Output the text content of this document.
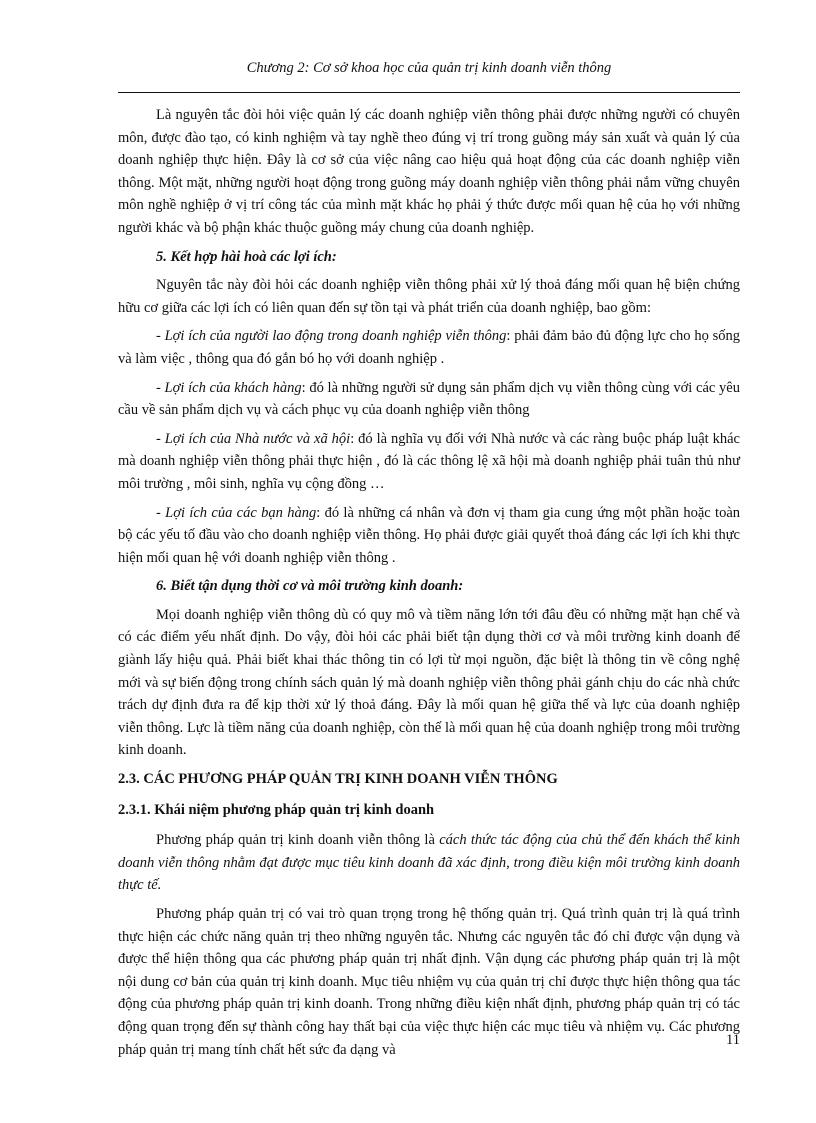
Chương 2: Cơ sở khoa học của quản trị kinh doanh viễn thông

Là nguyên tắc đòi hỏi việc quản lý các doanh nghiệp viễn thông phải được những người có chuyên môn, được đào tạo, có kinh nghiệm và tay nghề theo đúng vị trí trong guồng máy sản xuất và quản lý của doanh nghiệp thực hiện. Đây là cơ sở của việc nâng cao hiệu quả hoạt động của các doanh nghiệp viễn thông. Một mặt, những người hoạt động trong guồng máy doanh nghiệp viễn thông phải nắm vững chuyên môn nghề nghiệp ở vị trí công tác của mình mặt khác họ phải ý thức được mối quan hệ của họ với những người khác và bộ phận khác thuộc guồng máy chung của doanh nghiệp.

5. Kết hợp hài hoà các lợi ích:

Nguyên tắc này đòi hỏi các doanh nghiệp viễn thông phải xử lý thoả đáng mối quan hệ biện chứng hữu cơ giữa các lợi ích có liên quan đến sự tồn tại và phát triển của doanh nghiệp, bao gồm:

- Lợi ích của người lao động trong doanh nghiệp viễn thông: phải đảm bảo đủ động lực cho họ sống và làm việc , thông qua đó gắn bó họ với doanh nghiệp .

- Lợi ích của khách hàng: đó là những người sử dụng sản phẩm dịch vụ viễn thông cùng với các yêu cầu về sản phẩm dịch vụ và cách phục vụ của doanh nghiệp viễn thông

- Lợi ích của Nhà nước và xã hội: đó là nghĩa vụ đối với Nhà nước và các ràng buộc pháp luật khác mà doanh nghiệp viễn thông phải thực hiện , đó là các thông lệ xã hội mà doanh nghiệp phải tuân thủ như môi trường , môi sinh, nghĩa vụ cộng đồng …

- Lợi ích của các bạn hàng: đó là những cá nhân và đơn vị tham gia cung ứng một phần hoặc toàn bộ các yếu tố đầu vào cho doanh nghiệp viễn thông. Họ phải được giải quyết thoả đáng các lợi ích khi thực hiện mối quan hệ với doanh nghiệp viễn thông .

6. Biết tận dụng thời cơ và môi trường kinh doanh:

Mọi doanh nghiệp viễn thông dù có quy mô và tiềm năng lớn tới đâu đều có những mặt hạn chế và có các điểm yếu nhất định. Do vậy, đòi hỏi các phải biết tận dụng thời cơ và môi trường kinh doanh để giành lấy hiệu quả. Phải biết khai thác thông tin có lợi từ mọi nguồn, đặc biệt là thông tin về công nghệ mới và sự biến động trong chính sách quản lý mà doanh nghiệp viễn thông phải gánh chịu do các nhà chức trách dự định đưa ra để kịp thời xử lý thoả đáng. Đây là mối quan hệ giữa thế và lực của doanh nghiệp viễn thông. Lực là tiềm năng của doanh nghiệp, còn thế là mối quan hệ của doanh nghiệp trong môi trường kinh doanh.

2.3. CÁC PHƯƠNG PHÁP QUẢN TRỊ KINH DOANH VIỄN THÔNG
2.3.1. Khái niệm phương pháp quản trị kinh doanh

Phương pháp quản trị kinh doanh viễn thông là cách thức tác động của chủ thể đến khách thể kinh doanh viễn thông nhằm đạt được mục tiêu kinh doanh đã xác định, trong điều kiện môi trường kinh doanh thực tế.

Phương pháp quản trị có vai trò quan trọng trong hệ thống quản trị. Quá trình quản trị là quá trình thực hiện các chức năng quản trị theo những nguyên tắc. Nhưng các nguyên tắc đó chỉ được vận dụng và được thể hiện thông qua các phương pháp quản trị nhất định. Vận dụng các phương pháp quản trị là một nội dung cơ bản của quản trị kinh doanh. Mục tiêu nhiệm vụ của quản trị chỉ được thực hiện thông qua tác động của phương pháp quản trị kinh doanh. Trong những điều kiện nhất định, phương pháp quản trị có tác động quan trọng đến sự thành công hay thất bại của việc thực hiện các mục tiêu và nhiệm vụ. Các phương pháp quản trị mang tính chất hết sức đa dạng và

11
